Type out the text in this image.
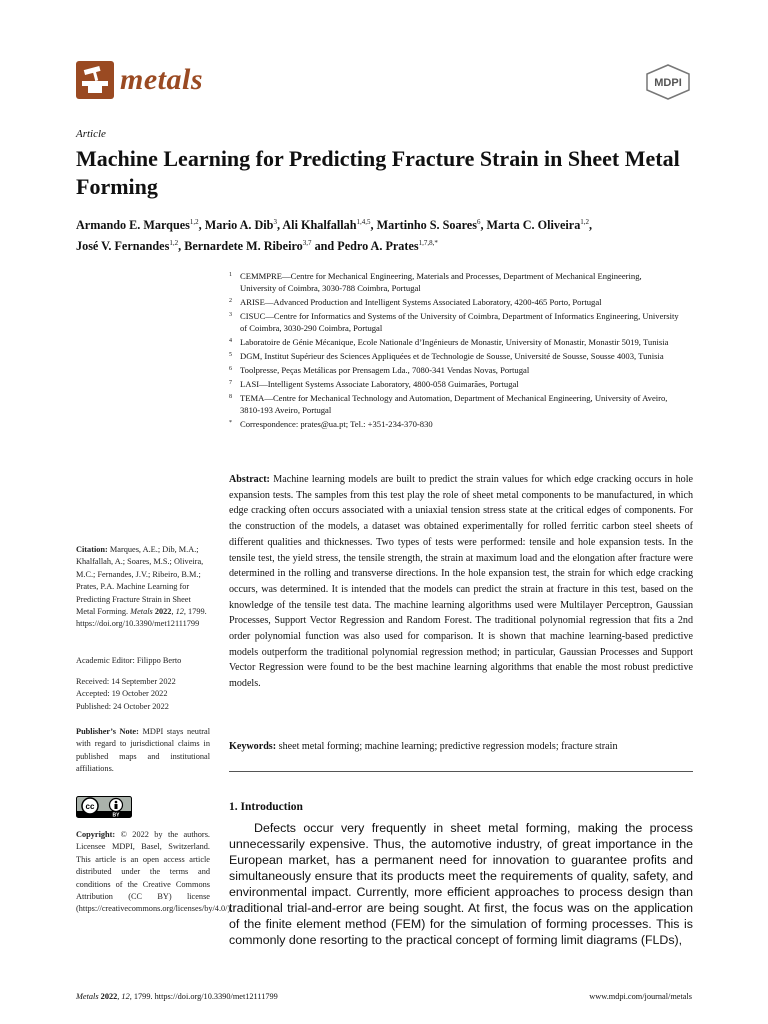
metals	MDPI
Article
Machine Learning for Predicting Fracture Strain in Sheet Metal Forming
Armando E. Marques$^{1,2}$, Mario A. Dib$^3$, Ali Khalfallah$^{1,4,5}$, Martinho S. Soares$^6$, Marta C. Oliveira$^{1,2}$,
José V. Fernandes$^{1,2}$, Bernardete M. Ribeiro$^{3,7}$ and Pedro A. Prates$^{1,7,8,*}$
1 CEMMPRE—Centre for Mechanical Engineering, Materials and Processes, Department of Mechanical Engineering, University of Coimbra, 3030-788 Coimbra, Portugal
2 ARISE—Advanced Production and Intelligent Systems Associated Laboratory, 4200-465 Porto, Portugal
3 CISUC—Centre for Informatics and Systems of the University of Coimbra, Department of Informatics Engineering, University of Coimbra, 3030-290 Coimbra, Portugal
4 Laboratoire de Génie Mécanique, Ecole Nationale d’Ingénieurs de Monastir, University of Monastir, Monastir 5019, Tunisia
5 DGM, Institut Supérieur des Sciences Appliquées et de Technologie de Sousse, Université de Sousse, Sousse 4003, Tunisia
6 Toolpresse, Peças Metálicas por Prensagem Lda., 7080-341 Vendas Novas, Portugal
7 LASI—Intelligent Systems Associate Laboratory, 4800-058 Guimarães, Portugal
8 TEMA—Centre for Mechanical Technology and Automation, Department of Mechanical Engineering, University of Aveiro, 3810-193 Aveiro, Portugal
* Correspondence: prates@ua.pt; Tel.: +351-234-370-830
Abstract: Machine learning models are built to predict the strain values for which edge cracking occurs in hole expansion tests. The samples from this test play the role of sheet metal components to be manufactured, in which edge cracking often occurs associated with a uniaxial tension stress state at the critical edges of components. For the construction of the models, a dataset was obtained experimentally for rolled ferritic carbon steel sheets of different qualities and thicknesses. Two types of tests were performed: tensile and hole expansion tests. In the tensile test, the yield stress, the tensile strength, the strain at maximum load and the elongation after fracture were determined in the rolling and transverse directions. In the hole expansion test, the strain for which edge cracking occurs, was determined. It is intended that the models can predict the strain at fracture in this test, based on the knowledge of the tensile test data. The machine learning algorithms used were Multilayer Perceptron, Gaussian Processes, Support Vector Regression and Random Forest. The traditional polynomial regression that fits a 2nd order polynomial function was also used for comparison. It is shown that machine learning-based predictive models outperform the traditional polynomial regression method; in particular, Gaussian Processes and Support Vector Regression were found to be the best machine learning algorithms that enable the most robust predictive models.
Keywords: sheet metal forming; machine learning; predictive regression models; fracture strain
1. Introduction

Defects occur very frequently in sheet metal forming, making the process unnecessarily expensive. Thus, the automotive industry, of great importance in the European market, has a permanent need for innovation to guarantee profits and simultaneously ensure that its products meet the requirements of quality, safety, and environmental impact. Currently, more efficient approaches to process design than traditional trial-and-error are being sought. At first, the focus was on the application of the finite element method (FEM) for the simulation of forming processes. This is commonly done resorting to the practical concept of forming limit diagrams (FLDs),

Citation: Marques, A.E.; Dib, M.A.; Khalfallah, A.; Soares, M.S.; Oliveira, M.C.; Fernandes, J.V.; Ribeiro, B.M.; Prates, P.A. Machine Learning for Predicting Fracture Strain in Sheet Metal Forming. Metals 2022, 12, 1799. https://doi.org/10.3390/met12111799
Academic Editor: Filippo Berto
Received: 14 September 2022
Accepted: 19 October 2022
Published: 24 October 2022
Publisher’s Note: MDPI stays neutral with regard to jurisdictional claims in published maps and institutional affiliations.
cc
BY
Copyright: © 2022 by the authors. Licensee MDPI, Basel, Switzerland. This article is an open access article distributed under the terms and conditions of the Creative Commons Attribution (CC BY) license (https://creativecommons.org/licenses/by/4.0/).
Metals 2022, 12, 1799. https://doi.org/10.3390/met12111799	www.mdpi.com/journal/metals
